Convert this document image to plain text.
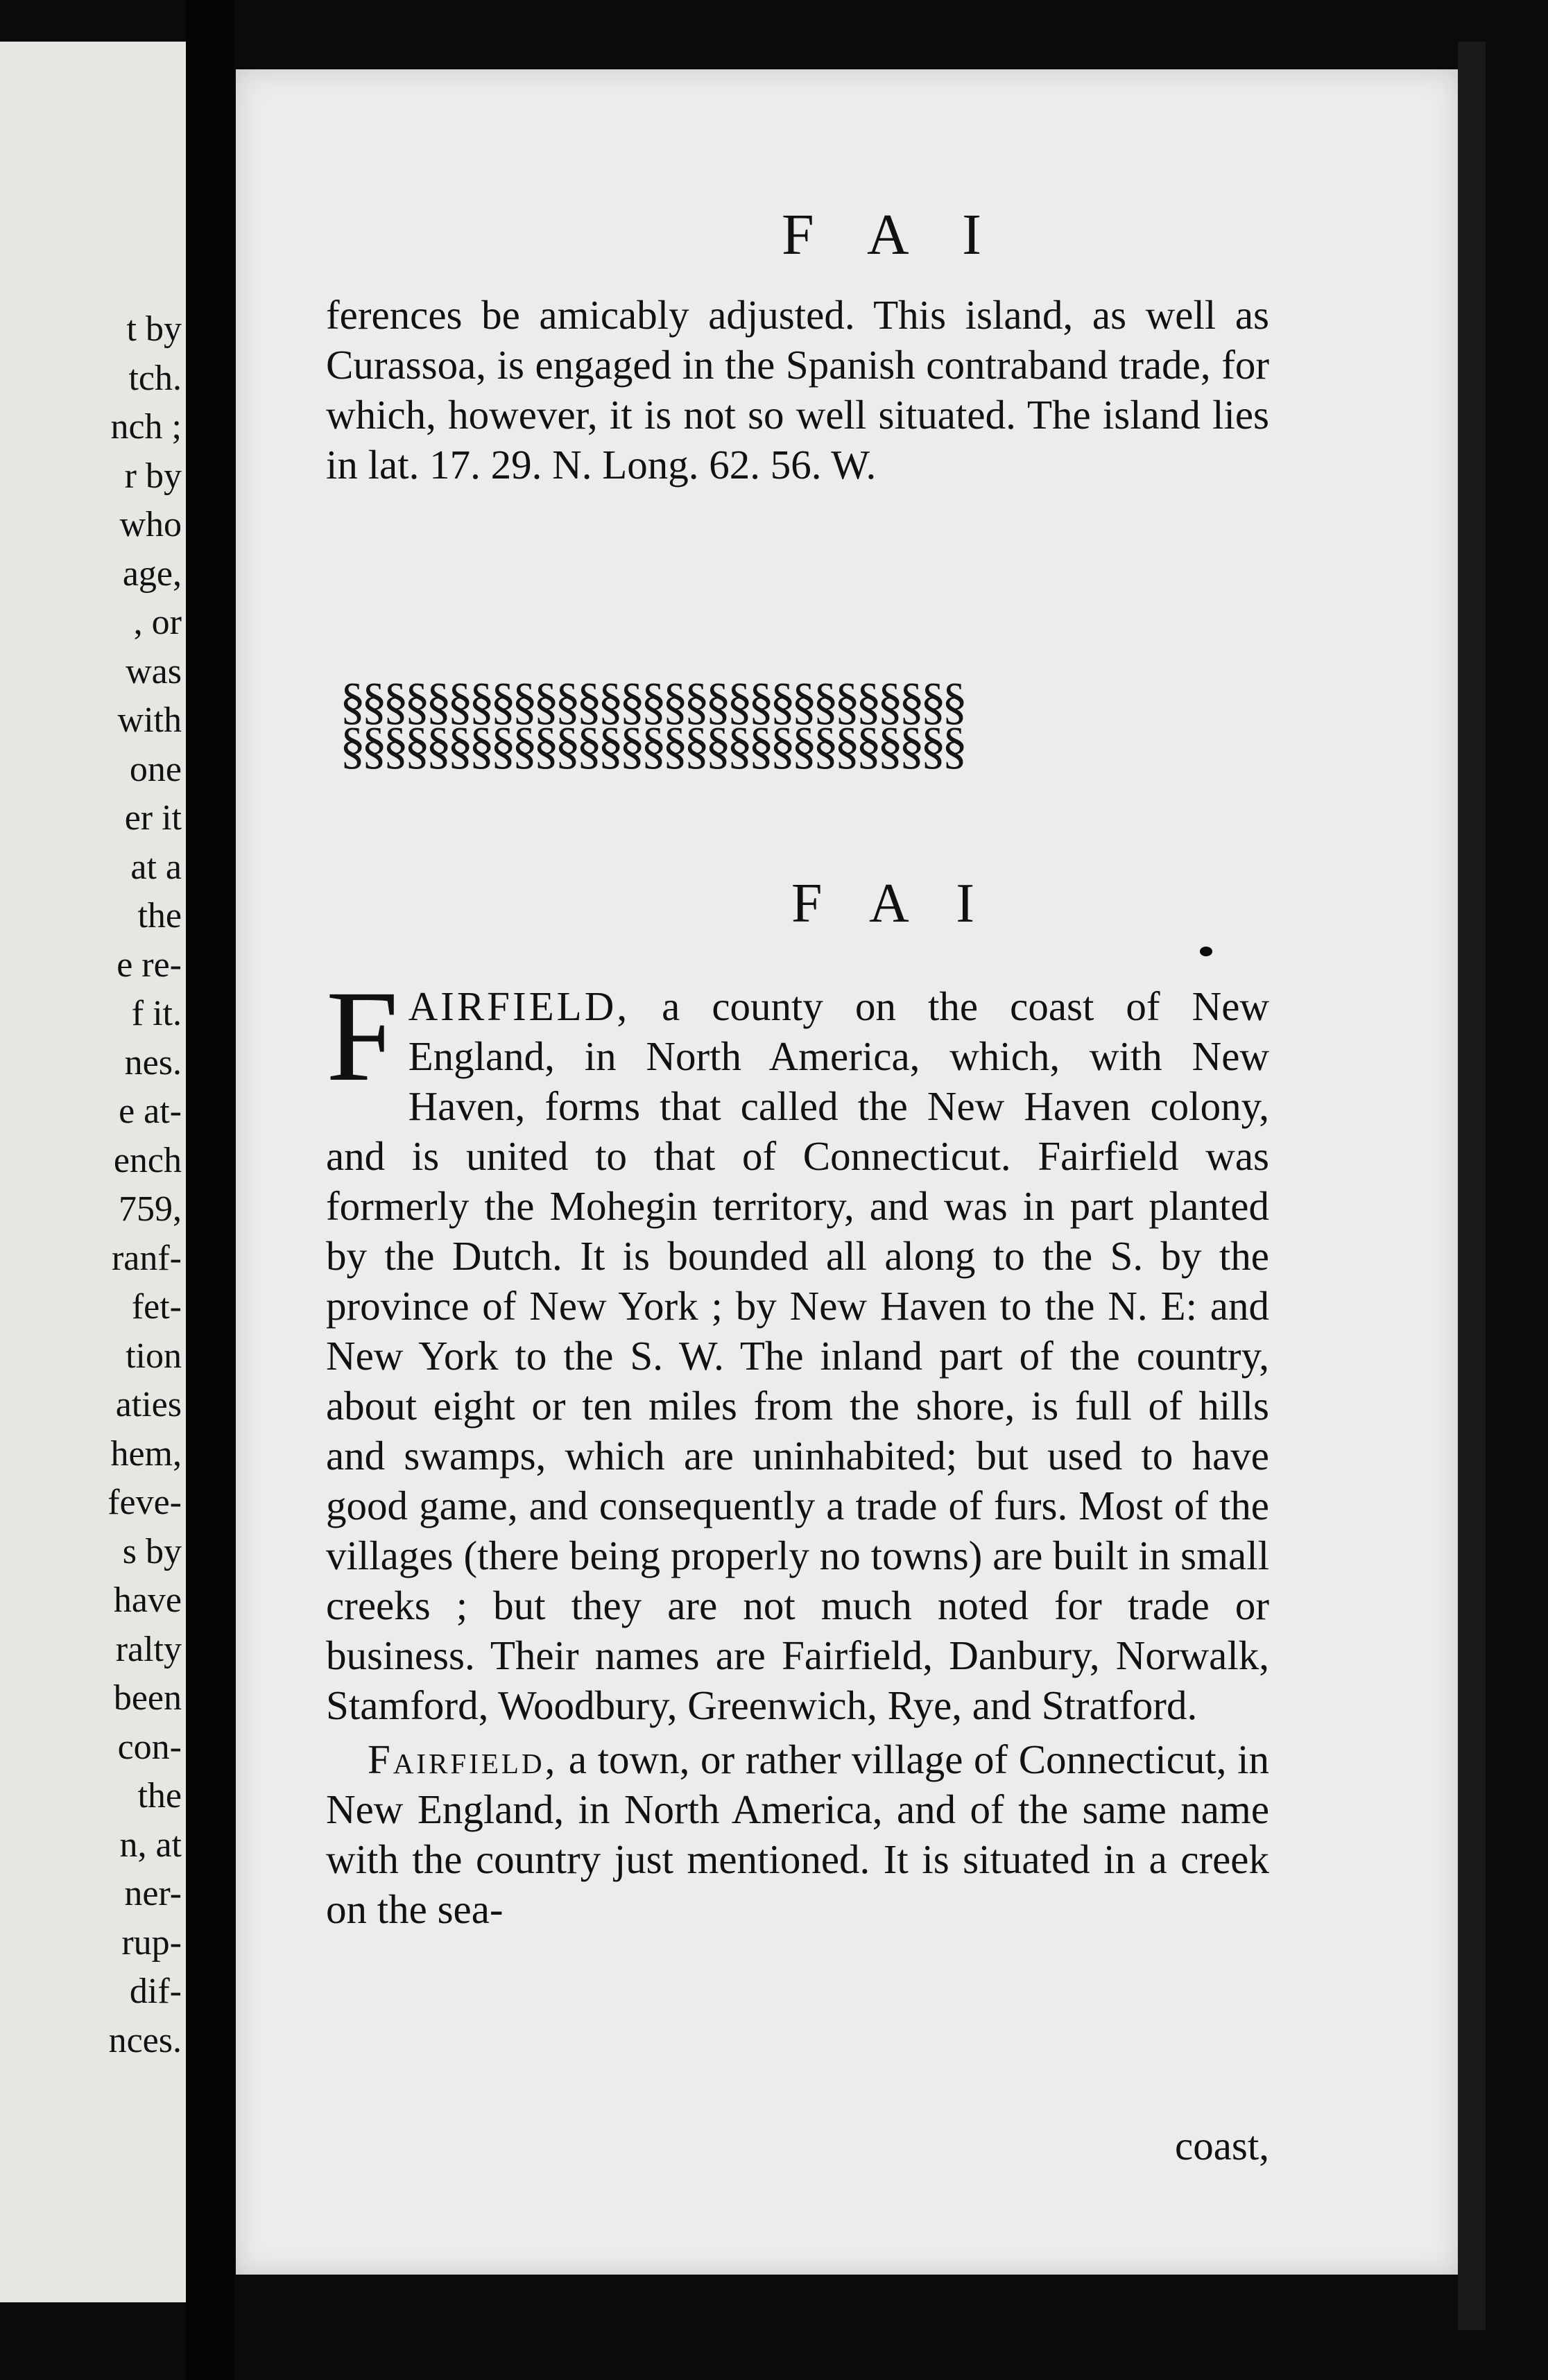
t by
tch.
nch ;
r by
who
age,
, or
was
with
one
er it
at a
the
e re-
f it.
nes.
e at-
ench
759,
ranf-
fet-
tion
aties
hem,
feve-
s by
have
ralty
been
con-
the
n, at
ner-
rup-
dif-
nces.
F A I

ferences be amicably adjusted. This island, as well as Curassoa, is engaged in the Spanish contraband trade, for which, however, it is not so well situated. The island lies in lat. 17. 29. N. Long. 62. 56. W.

§§§§§§§§§§§§§§§§§§§§§§§§§§§§§
§§§§§§§§§§§§§§§§§§§§§§§§§§§§§
F A I

FAIRFIELD, a county on the coast of New England, in North America, which, with New Haven, forms that called the New Haven colony, and is united to that of Connecticut. Fairfield was formerly the Mohegin territory, and was in part planted by the Dutch. It is bounded all along to the S. by the province of New York ; by New Haven to the N. E: and New York to the S. W. The inland part of the country, about eight or ten miles from the shore, is full of hills and swamps, which are uninhabited; but used to have good game, and consequently a trade of furs. Most of the villages (there being properly no towns) are built in small creeks ; but they are not much noted for trade or business. Their names are Fairfield, Danbury, Norwalk, Stamford, Woodbury, Greenwich, Rye, and Stratford.

Fairfield, a town, or rather village of Connecticut, in New England, in North America, and of the same name with the country just mentioned. It is situated in a creek on the sea-

coast,
